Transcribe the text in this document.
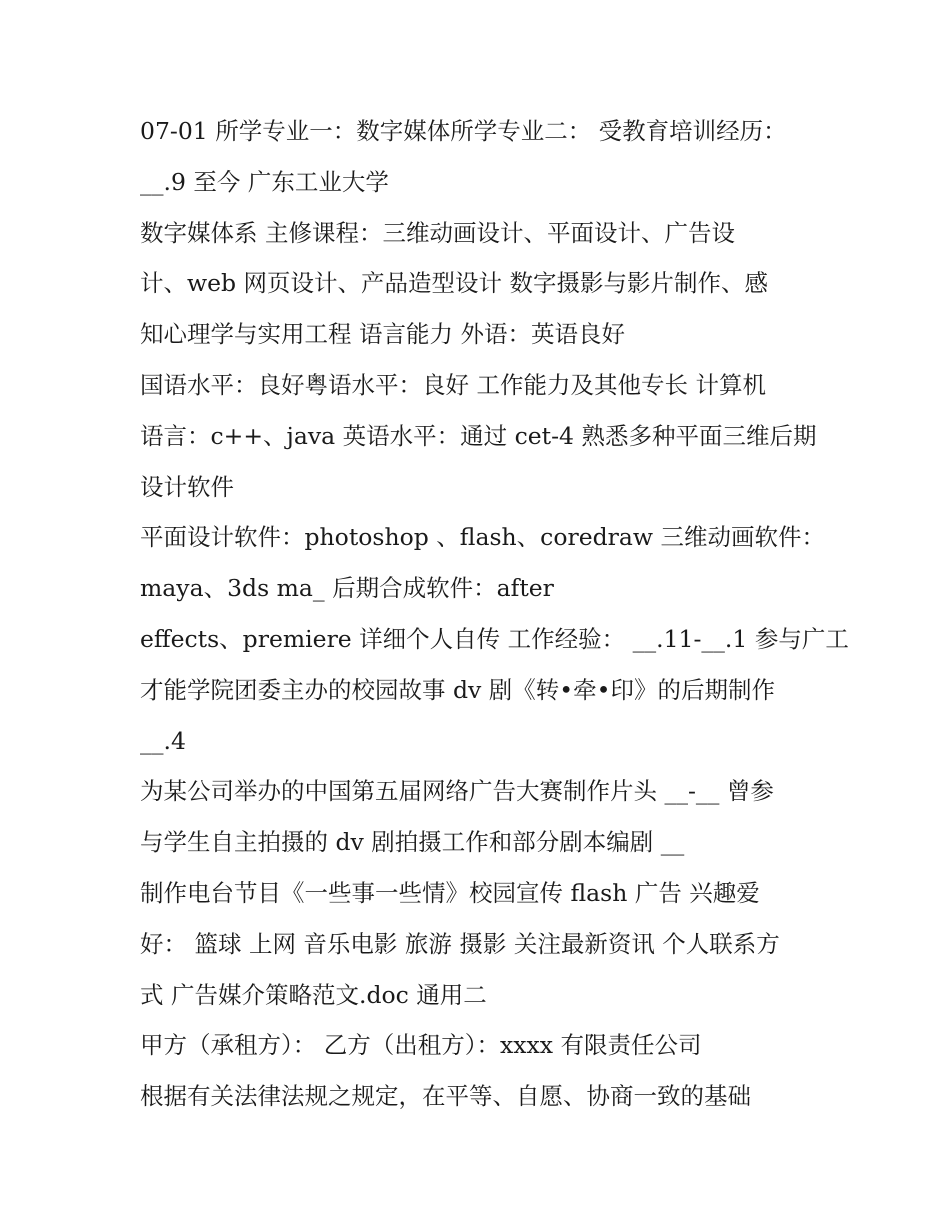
07-01 所学专业一：数字媒体所学专业二： 受教育培训经历：
__.9 至今 广东工业大学
数字媒体系 主修课程：三维动画设计、平面设计、广告设
计、web 网页设计、产品造型设计 数字摄影与影片制作、感
知心理学与实用工程 语言能力 外语：英语良好
国语水平：良好粤语水平：良好 工作能力及其他专长 计算机
语言：c++、java 英语水平：通过 cet-4 熟悉多种平面三维后期
设计软件
平面设计软件：photoshop 、flash、coredraw 三维动画软件：
maya、3ds ma_ 后期合成软件：after
effects、premiere 详细个人自传 工作经验： __.11-__.1 参与广工
才能学院团委主办的校园故事 dv 剧《转•牵•印》的后期制作
__.4
为某公司举办的中国第五届网络广告大赛制作片头 __-__ 曾参
与学生自主拍摄的 dv 剧拍摄工作和部分剧本编剧 __
制作电台节目《一些事一些情》校园宣传 flash 广告 兴趣爱
好： 篮球 上网 音乐电影 旅游 摄影 关注最新资讯 个人联系方
式 广告媒介策略范文.doc 通用二
甲方（承租方）： 乙方（出租方）：xxxx 有限责任公司
根据有关法律法规之规定，在平等、自愿、协商一致的基础
